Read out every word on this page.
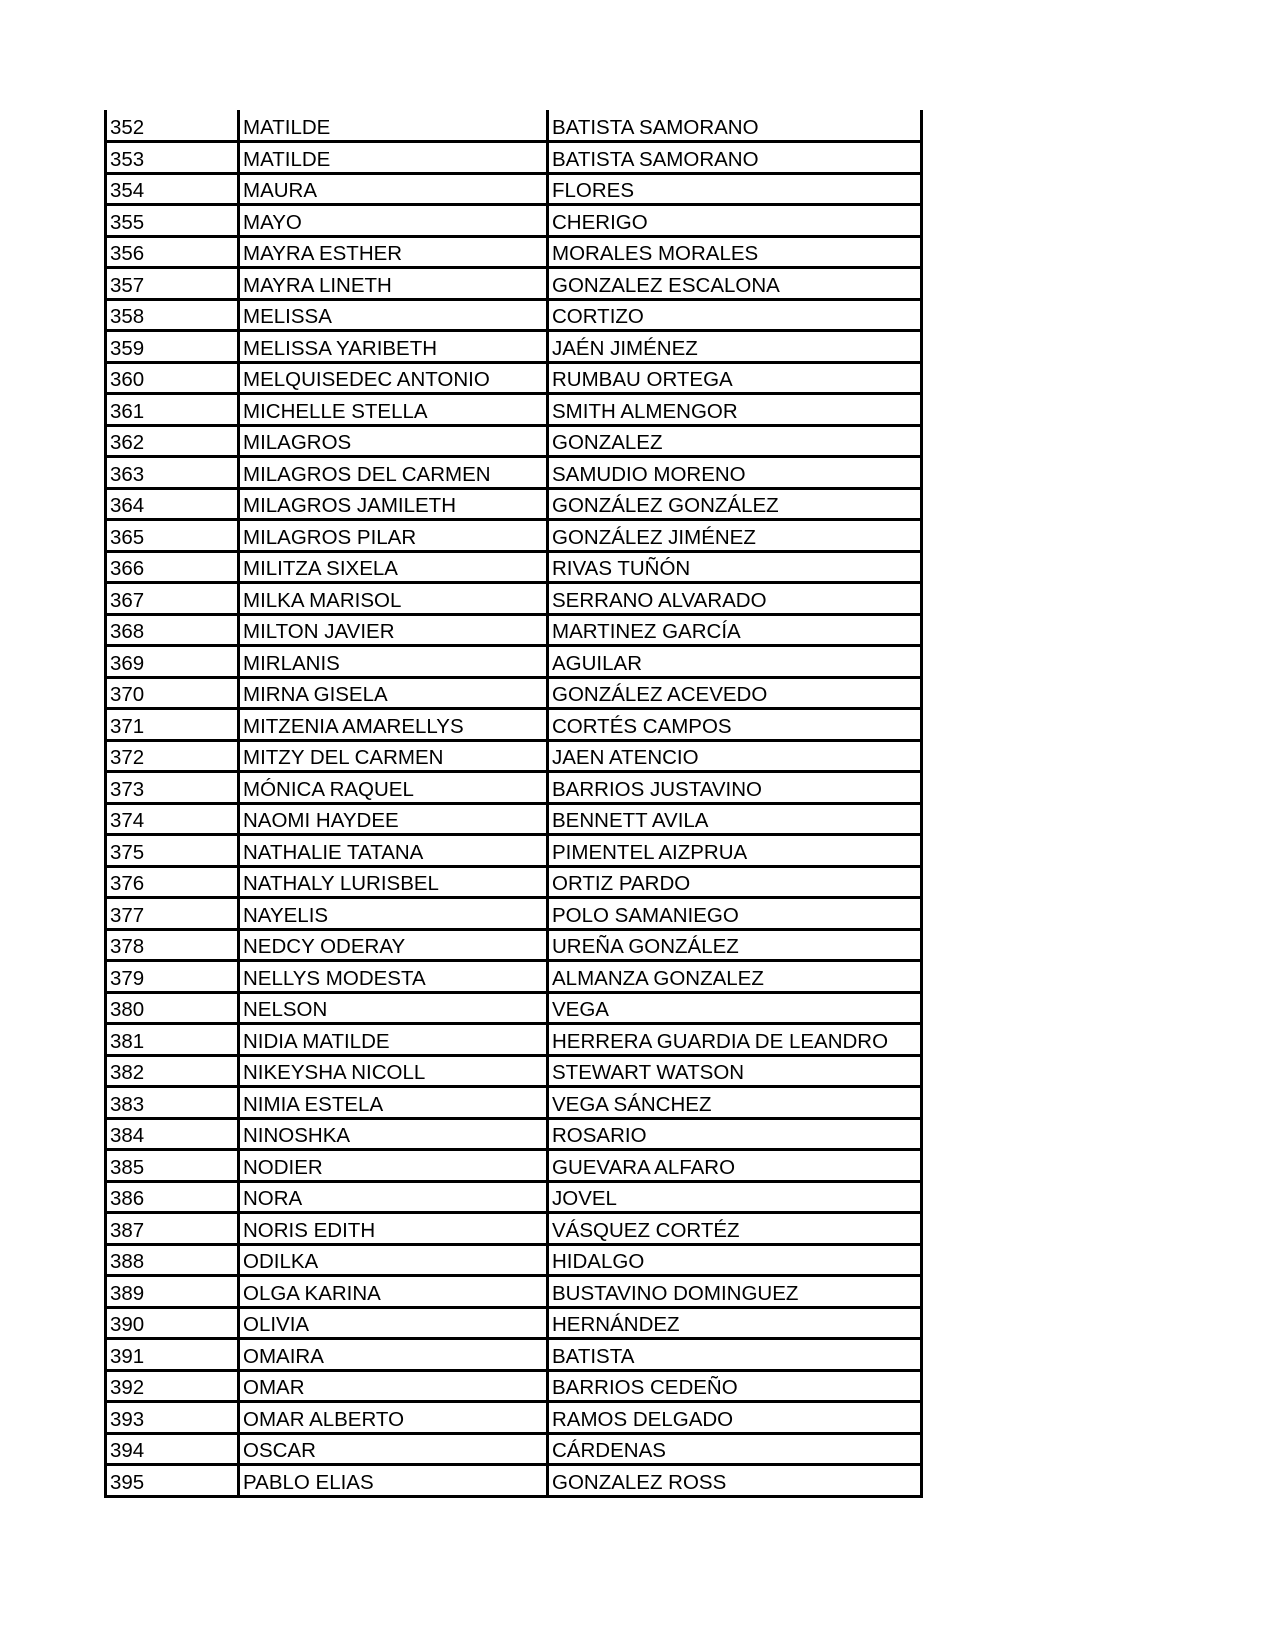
352	MATILDE	BATISTA SAMORANO
353	MATILDE	BATISTA SAMORANO
354	MAURA	FLORES
355	MAYO	CHERIGO
356	MAYRA ESTHER	MORALES MORALES
357	MAYRA LINETH	GONZALEZ ESCALONA
358	MELISSA	CORTIZO
359	MELISSA YARIBETH	JAÉN JIMÉNEZ
360	MELQUISEDEC ANTONIO	RUMBAU ORTEGA
361	MICHELLE STELLA	SMITH ALMENGOR
362	MILAGROS	GONZALEZ
363	MILAGROS DEL CARMEN	SAMUDIO MORENO
364	MILAGROS JAMILETH	GONZÁLEZ GONZÁLEZ
365	MILAGROS PILAR	GONZÁLEZ JIMÉNEZ
366	MILITZA SIXELA	RIVAS TUÑÓN
367	MILKA MARISOL	SERRANO ALVARADO
368	MILTON JAVIER	MARTINEZ GARCÍA
369	MIRLANIS	AGUILAR
370	MIRNA GISELA	GONZÁLEZ ACEVEDO
371	MITZENIA AMARELLYS	CORTÉS CAMPOS
372	MITZY DEL CARMEN	JAEN ATENCIO
373	MÓNICA RAQUEL	BARRIOS JUSTAVINO
374	NAOMI HAYDEE	BENNETT AVILA
375	NATHALIE TATANA	PIMENTEL AIZPRUA
376	NATHALY LURISBEL	ORTIZ PARDO
377	NAYELIS	POLO SAMANIEGO
378	NEDCY ODERAY	UREÑA GONZÁLEZ
379	NELLYS MODESTA	ALMANZA GONZALEZ
380	NELSON	VEGA
381	NIDIA MATILDE	HERRERA GUARDIA DE LEANDRO
382	NIKEYSHA NICOLL	STEWART WATSON
383	NIMIA ESTELA	VEGA SÁNCHEZ
384	NINOSHKA	ROSARIO
385	NODIER	GUEVARA ALFARO
386	NORA	JOVEL
387	NORIS EDITH	VÁSQUEZ CORTÉZ
388	ODILKA	HIDALGO
389	OLGA KARINA	BUSTAVINO DOMINGUEZ
390	OLIVIA	HERNÁNDEZ
391	OMAIRA	BATISTA
392	OMAR	BARRIOS CEDEÑO
393	OMAR ALBERTO	RAMOS DELGADO
394	OSCAR	CÁRDENAS
395	PABLO ELIAS	GONZALEZ ROSS
